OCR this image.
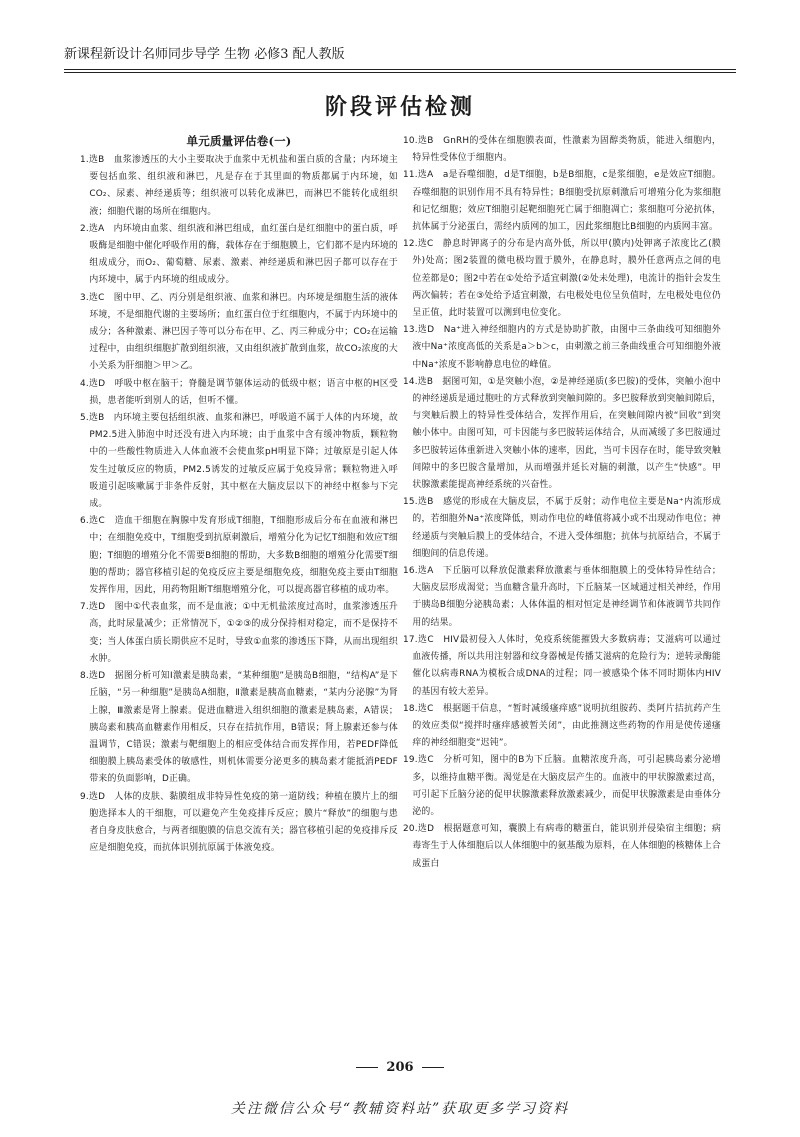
新课程新设计名师同步导学 生物 必修3 配人教版
阶段评估检测
单元质量评估卷(一)

1.选B　血浆渗透压的大小主要取决于血浆中无机盐和蛋白质的含量；内环境主要包括血浆、组织液和淋巴，凡是存在于其里面的物质都属于内环境，如CO₂、尿素、神经递质等；组织液可以转化成淋巴，而淋巴不能转化成组织液；细胞代谢的场所在细胞内。

2.选A　内环境由血浆、组织液和淋巴组成，血红蛋白是红细胞中的蛋白质，呼吸酶是细胞中催化呼吸作用的酶，载体存在于细胞膜上，它们都不是内环境的组成成分，而O₂、葡萄糖、尿素、激素、神经递质和淋巴因子都可以存在于内环境中，属于内环境的组成成分。

3.选C　图中甲、乙、丙分别是组织液、血浆和淋巴。内环境是细胞生活的液体环境，不是细胞代谢的主要场所；血红蛋白位于红细胞内，不属于内环境中的成分；各种激素、淋巴因子等可以分布在甲、乙、丙三种成分中；CO₂在运输过程中，由组织细胞扩散到组织液，又由组织液扩散到血浆，故CO₂浓度的大小关系为肝细胞＞甲＞乙。

4.选D　呼吸中枢在脑干；脊髓是调节躯体运动的低级中枢；语言中枢的H区受损，患者能听到别人的话，但听不懂。

5.选B　内环境主要包括组织液、血浆和淋巴，呼吸道不属于人体的内环境，故PM2.5进入肺泡中时还没有进入内环境；由于血浆中含有缓冲物质，颗粒物中的一些酸性物质进入人体血液不会使血浆pH明显下降；过敏原是引起人体发生过敏反应的物质，PM2.5诱发的过敏反应属于免疫异常；颗粒物进入呼吸道引起咳嗽属于非条件反射，其中枢在大脑皮层以下的神经中枢参与下完成。

6.选C　造血干细胞在胸腺中发育形成T细胞，T细胞形成后分布在血液和淋巴中；在细胞免疫中，T细胞受到抗原刺激后，增殖分化为记忆T细胞和效应T细胞；T细胞的增殖分化不需要B细胞的帮助，大多数B细胞的增殖分化需要T细胞的帮助；器官移植引起的免疫反应主要是细胞免疫，细胞免疫主要由T细胞发挥作用，因此，用药物阻断T细胞增殖分化，可以提高器官移植的成功率。

7.选D　图中①代表血浆，而不是血液；①中无机盐浓度过高时，血浆渗透压升高，此时尿量减少；正常情况下，①②③的成分保持相对稳定，而不是保持不变；当人体蛋白质长期供应不足时，导致①血浆的渗透压下降，从而出现组织水肿。

8.选D　据图分析可知Ⅰ激素是胰岛素，“某种细胞”是胰岛B细胞，“结构A”是下丘脑，“另一种细胞”是胰岛A细胞，Ⅱ激素是胰高血糖素，“某内分泌腺”为肾上腺，Ⅲ激素是肾上腺素。促进血糖进入组织细胞的激素是胰岛素，A错误；胰岛素和胰高血糖素作用相反，只存在拮抗作用，B错误；肾上腺素还参与体温调节，C错误；激素与靶细胞上的相应受体结合而发挥作用，若PEDF降低细胞膜上胰岛素受体的敏感性，则机体需要分泌更多的胰岛素才能抵消PEDF带来的负面影响，D正确。

9.选D　人体的皮肤、黏膜组成非特异性免疫的第一道防线；种植在膜片上的细胞选择本人的干细胞，可以避免产生免疫排斥反应；膜片“释放”的细胞与患者自身皮肤愈合，与两者细胞膜的信息交流有关；器官移植引起的免疫排斥反应是细胞免疫，而抗体识别抗原属于体液免疫。

10.选B　GnRH的受体在细胞膜表面，性激素为固醇类物质，能进入细胞内，特异性受体位于细胞内。

11.选A　a是吞噬细胞，d是T细胞，b是B细胞，c是浆细胞，e是效应T细胞。吞噬细胞的识别作用不具有特异性；B细胞受抗原刺激后可增殖分化为浆细胞和记忆细胞；效应T细胞引起靶细胞死亡属于细胞凋亡；浆细胞可分泌抗体，抗体属于分泌蛋白，需经内质网的加工，因此浆细胞比B细胞的内质网丰富。

12.选C　静息时钾离子的分布是内高外低，所以甲(膜内)处钾离子浓度比乙(膜外)处高；图2装置的微电极均置于膜外，在静息时，膜外任意两点之间的电位差都是0；图2中若在①处给予适宜刺激(②处未处理)，电流计的指针会发生两次偏转；若在③处给予适宜刺激，右电极处电位呈负值时，左电极处电位仍呈正值，此时装置可以测到电位变化。

13.选D　Na⁺进入神经细胞内的方式是协助扩散，由图中三条曲线可知细胞外液中Na⁺浓度高低的关系是a＞b＞c，由刺激之前三条曲线重合可知细胞外液中Na⁺浓度不影响静息电位的峰值。

14.选B　据图可知，①是突触小泡，②是神经递质(多巴胺)的受体，突触小泡中的神经递质是通过胞吐的方式释放到突触间隙的。多巴胺释放到突触间隙后，与突触后膜上的特异性受体结合，发挥作用后，在突触间隙内被“回收”到突触小体中。由图可知，可卡因能与多巴胺转运体结合，从而减缓了多巴胺通过多巴胺转运体重新进入突触小体的速率，因此，当可卡因存在时，能导致突触间隙中的多巴胺含量增加，从而增强并延长对脑的刺激，以产生“快感”。甲状腺激素能提高神经系统的兴奋性。

15.选B　感觉的形成在大脑皮层，不属于反射；动作电位主要是Na⁺内流形成的，若细胞外Na⁺浓度降低，则动作电位的峰值将减小或不出现动作电位；神经递质与突触后膜上的受体结合，不进入受体细胞；抗体与抗原结合，不属于细胞间的信息传递。

16.选A　下丘脑可以释放促激素释放激素与垂体细胞膜上的受体特异性结合；大脑皮层形成渴觉；当血糖含量升高时，下丘脑某一区域通过相关神经，作用于胰岛B细胞分泌胰岛素；人体体温的相对恒定是神经调节和体液调节共同作用的结果。

17.选C　HIV最初侵入人体时，免疫系统能摧毁大多数病毒；艾滋病可以通过血液传播，所以共用注射器和纹身器械是传播艾滋病的危险行为；逆转录酶能催化以病毒RNA为模板合成DNA的过程；同一被感染个体不同时期体内HIV的基因有较大差异。

18.选C　根据题干信息，“暂时减缓瘙痒感”说明抗组胺药、类阿片拮抗药产生的效应类似“搅拌时瘙痒感被暂关闭”，由此推测这些药物的作用是使传递瘙痒的神经细胞变“迟钝”。

19.选C　分析可知，图中的B为下丘脑。血糖浓度升高，可引起胰岛素分泌增多，以维持血糖平衡。渴觉是在大脑皮层产生的。血液中的甲状腺激素过高，可引起下丘脑分泌的促甲状腺激素释放激素减少，而促甲状腺激素是由垂体分泌的。

20.选D　根据题意可知，囊膜上有病毒的糖蛋白，能识别并侵染宿主细胞；病毒寄生于人体细胞后以人体细胞中的氨基酸为原料，在人体细胞的核糖体上合成蛋白

206
关注微信公众号“教辅资料站”获取更多学习资料
